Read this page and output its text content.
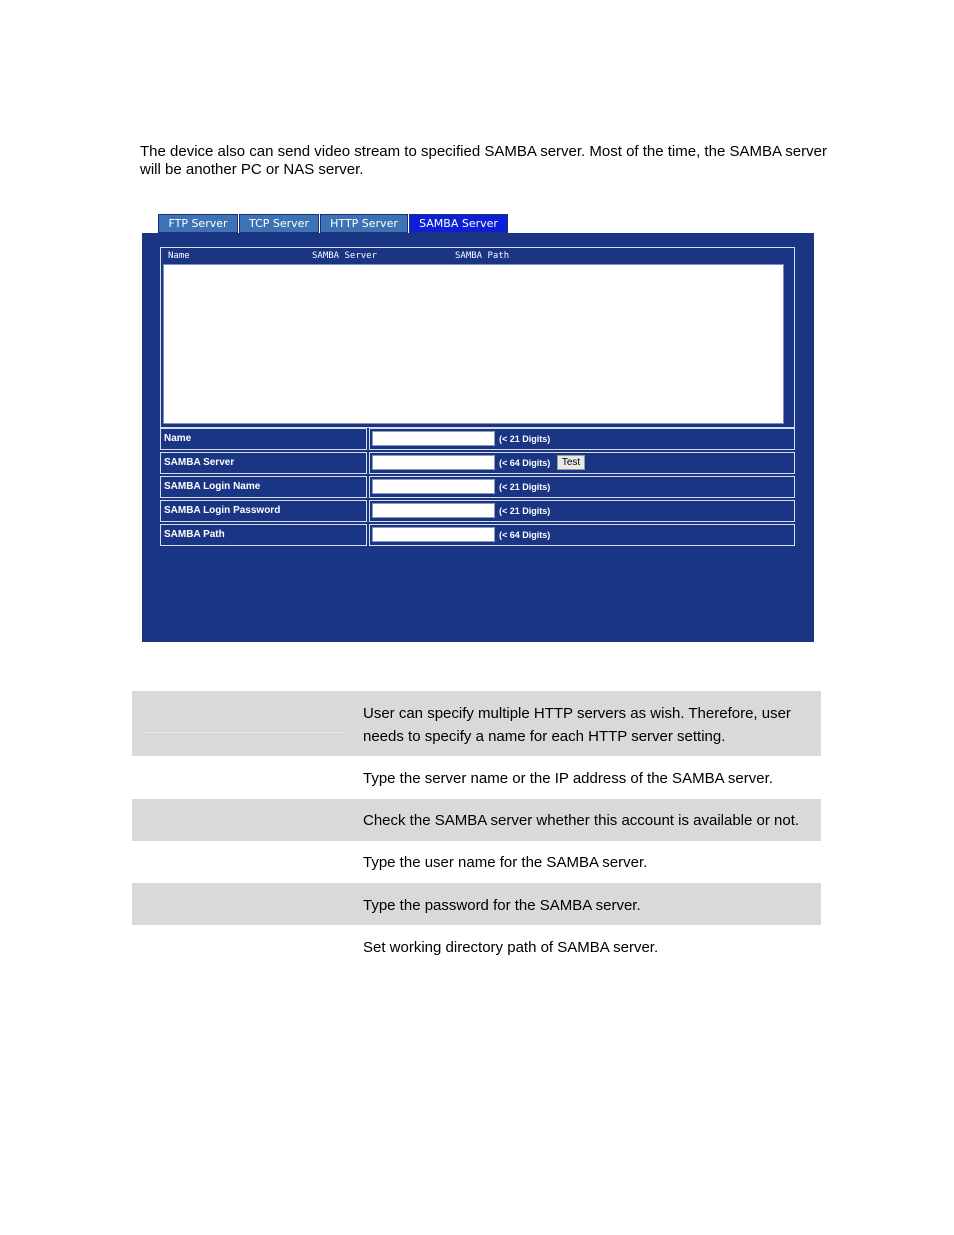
The device also can send video stream to specified SAMBA server. Most of the time, the SAMBA server will be another PC or NAS server.

FTP Server	TCP Server	HTTP Server	SAMBA Server
Name	SAMBA Server	SAMBA Path
Name	(< 21 Digits)
SAMBA Server	(< 64 Digits)	Test
SAMBA Login Name	(< 21 Digits)
SAMBA Login Password	(< 21 Digits)
SAMBA Path	(< 64 Digits)
User can specify multiple HTTP servers as wish. Therefore, user needs to specify a name for each HTTP server setting.
Type the server name or the IP address of the SAMBA server.
Check the SAMBA server whether this account is available or not.
Type the user name for the SAMBA server.
Type the password for the SAMBA server.
Set working directory path of SAMBA server.
